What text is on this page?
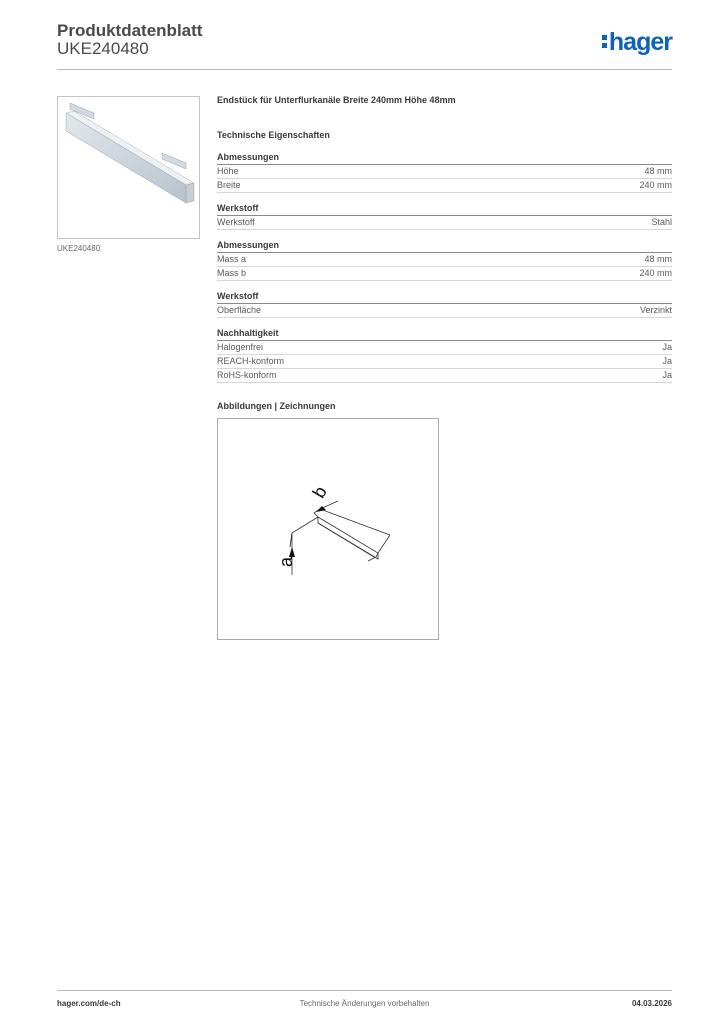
Produktdatenblatt
UKE240480	hager
UKE240480
Endstück für Unterflurkanäle Breite 240mm Höhe 48mm
Technische Eigenschaften
Abmessungen
Höhe	48 mm
Breite	240 mm
Werkstoff
Werkstoff	Stahl
Abmessungen
Mass a	48 mm
Mass b	240 mm
Werkstoff
Oberfläche	Verzinkt
Nachhaltigkeit
Halogenfrei	Ja
REACH-konform	Ja
RoHS-konform	Ja
Abbildungen | Zeichnungen
b
a
hager.com/de-ch	Technische Änderungen vorbehalten	04.03.2026
